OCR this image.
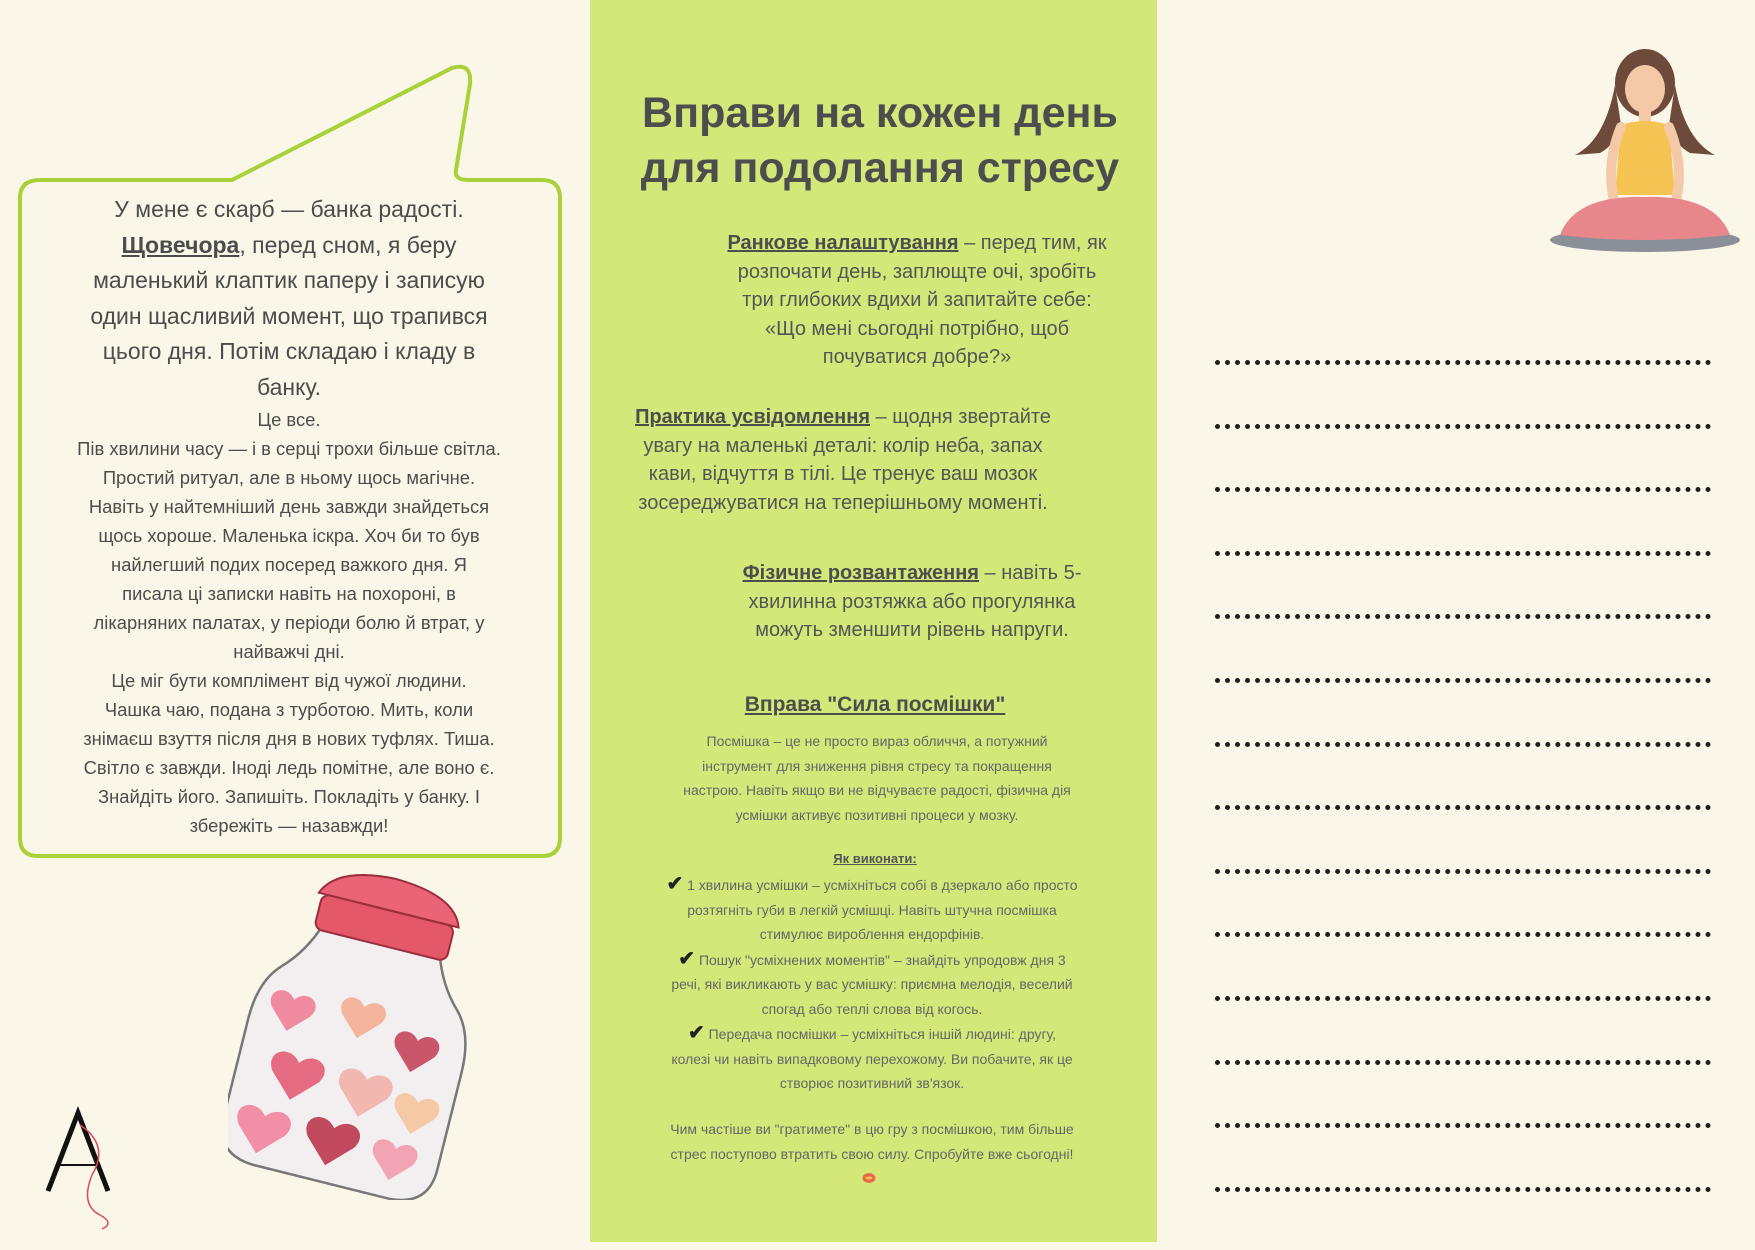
У мене є скарб — банка радості.

Щовечора, перед сном, я беру

маленький клаптик паперу і записую

один щасливий момент, що трапився

цього дня. Потім складаю і кладу в

банку.

Це все.

Пів хвилини часу — і в серці трохи більше світла.

Простий ритуал, але в ньому щось магічне.

Навіть у найтемніший день завжди знайдеться

щось хороше. Маленька іскра. Хоч би то був

найлегший подих посеред важкого дня. Я

писала ці записки навіть на похороні, в

лікарняних палатах, у періоди болю й втрат, у

найважчі дні.

Це міг бути комплімент від чужої людини.

Чашка чаю, подана з турботою. Мить, коли

знімаєш взуття після дня в нових туфлях. Тиша.

Світло є завжди. Іноді ледь помітне, але воно є.

Знайдіть його. Запишіть. Покладіть у банку. І

збережіть — назавжди!

Вправи на кожен день
для подолання стресу

Ранкове налаштування – перед тим, як
розпочати день, заплющте очі, зробіть
три глибоких вдихи й запитайте себе:
«Що мені сьогодні потрібно, щоб
почуватися добре?»

Практика усвідомлення – щодня звертайте
увагу на маленькі деталі: колір неба, запах
кави, відчуття в тілі. Це тренує ваш мозок
зосереджуватися на теперішньому моменті.

Фізичне розвантаження – навіть 5-
хвилинна розтяжка або прогулянка
можуть зменшити рівень напруги.

Вправа "Сила посмішки"

Посмішка – це не просто вираз обличчя, а потужний
інструмент для зниження рівня стресу та покращення
настрою. Навіть якщо ви не відчуваєте радості, фізична дія
усмішки активує позитивні процеси у мозку.

Як виконати:

✔ 1 хвилина усмішки – усміхніться собі в дзеркало або просто
розтягніть губи в легкій усмішці. Навіть штучна посмішка
стимулює вироблення ендорфінів.

✔ Пошук "усміхнених моментів" – знайдіть упродовж дня 3
речі, які викликають у вас усмішку: приємна мелодія, веселий
спогад або теплі слова від когось.

✔ Передача посмішки – усміхніться іншій людині: другу,
колезі чи навіть випадковому перехожому. Ви побачите, як це
створює позитивний зв'язок.

Чим частіше ви "гратимете" в цю гру з посмішкою, тим більше
стрес поступово втратить свою силу. Спробуйте вже сьогодні!
